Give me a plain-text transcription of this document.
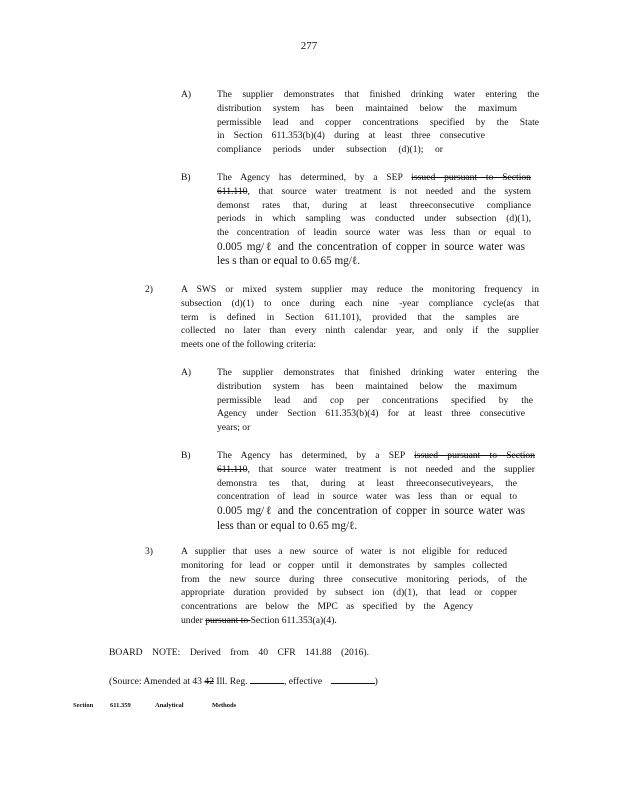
277
A)	The supplier demonstrates that finished drinking water entering the
distribution system has been maintained below the maximum
permissible lead and copper concentrations specified by the State
in Section 611.353(b)(4) during at least three consecutive
compliance periods under subsection (d)(1); or
B)	The Agency has determined, by a SEP issued pursuant to Section
611.110, that source water treatment is not needed and the system
demonst rates that, during at least threeconsecutive compliance
periods in which sampling was conducted under subsection (d)(1),
the concentration of leadin source water was less than or equal to
0.005 mg/ℓ and the concentration of copper in source water was
les s than or equal to 0.65 mg/ℓ.
2)	A SWS or mixed system supplier may reduce the monitoring frequency in
subsection (d)(1) to once during each nine -year compliance cycle(as that
term is defined in Section 611.101), provided that the samples are
collected no later than every ninth calendar year, and only if the supplier
meets one of the following criteria:
A)	The supplier demonstrates that finished drinking water entering the
distribution system has been maintained below the maximum
permissible lead and cop per concentrations specified by the
Agency under Section 611.353(b)(4) for at least three consecutive
years; or
B)	The Agency has determined, by a SEP issued pursuant to Section
611.110, that source water treatment is not needed and the supplier
demonstra tes that, during at least threeconsecutiveyears, the
concentration of lead in source water was less than or equal to
0.005 mg/ℓ and the concentration of copper in source water was
less than or equal to 0.65 mg/ℓ.
3)	A supplier that uses a new source of water is not eligible for reduced
monitoring for lead or copper until it demonstrates by samples collected
from the new source during three consecutive monitoring periods, of the
appropriate duration provided by subsect ion (d)(1), that lead or copper
concentrations are below the MPC as specified by the Agency
under pursuant to Section 611.353(a)(4).
BOARD NOTE: Derived from 40 CFR 141.88 (2016).
(Source: Amended at 43 42 Ill. Reg.	, effective	)
Section	611.359	Analytical	Methods
